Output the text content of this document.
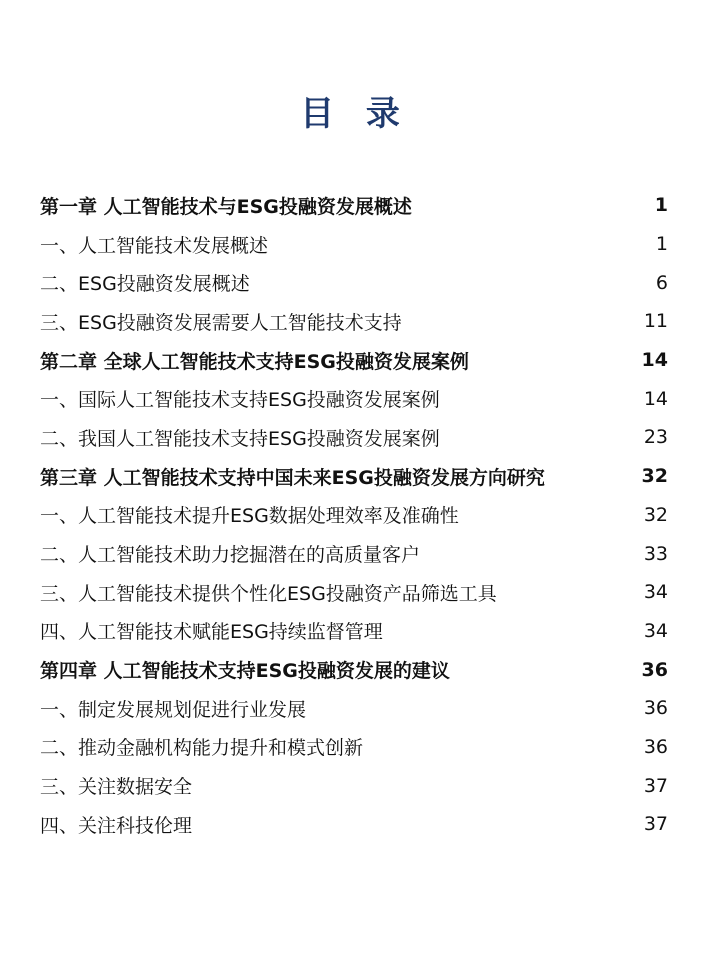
目 录
第一章 人工智能技术与ESG投融资发展概述	1
一、人工智能技术发展概述	1
二、ESG投融资发展概述	6
三、ESG投融资发展需要人工智能技术支持	11
第二章 全球人工智能技术支持ESG投融资发展案例	14
一、国际人工智能技术支持ESG投融资发展案例	14
二、我国人工智能技术支持ESG投融资发展案例	23
第三章 人工智能技术支持中国未来ESG投融资发展方向研究	32
一、人工智能技术提升ESG数据处理效率及准确性	32
二、人工智能技术助力挖掘潜在的高质量客户	33
三、人工智能技术提供个性化ESG投融资产品筛选工具	34
四、人工智能技术赋能ESG持续监督管理	34
第四章 人工智能技术支持ESG投融资发展的建议	36
一、制定发展规划促进行业发展	36
二、推动金融机构能力提升和模式创新	36
三、关注数据安全	37
四、关注科技伦理	37
